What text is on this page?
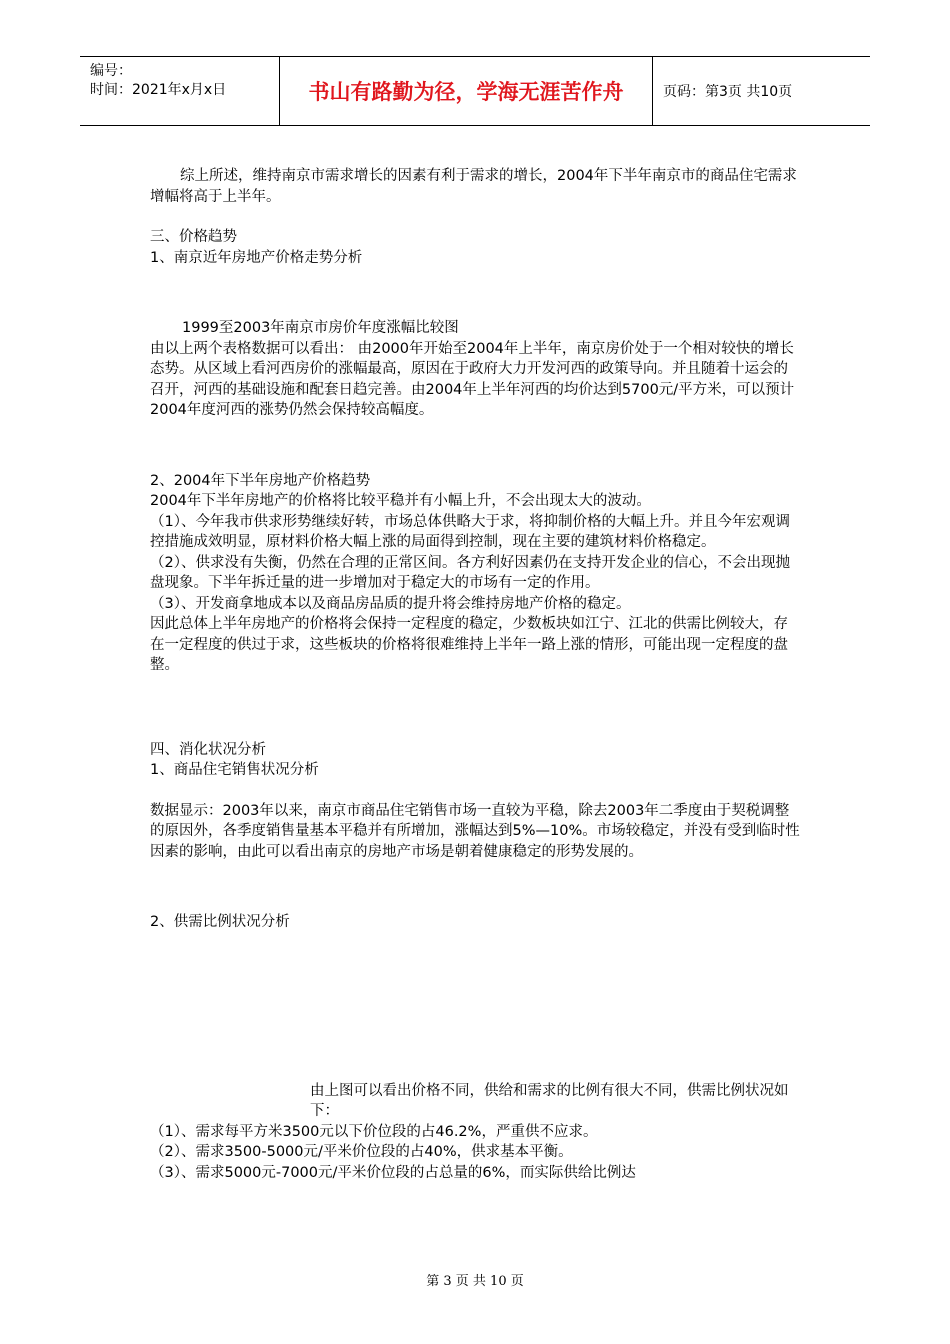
编号：
时间：2021年x月x日	书山有路勤为径，学海无涯苦作舟	页码：第3页 共10页

综上所述，维持南京市需求增长的因素有利于需求的增长，2004年下半年南京市的商品住宅需求增幅将高于上半年。

三、价格趋势

1、南京近年房地产价格走势分析

1999至2003年南京市房价年度涨幅比较图

由以上两个表格数据可以看出： 由2000年开始至2004年上半年，南京房价处于一个相对较快的增长态势。从区域上看河西房价的涨幅最高，原因在于政府大力开发河西的政策导向。并且随着十运会的召开，河西的基础设施和配套日趋完善。由2004年上半年河西的均价达到5700元/平方米，可以预计2004年度河西的涨势仍然会保持较高幅度。

2、2004年下半年房地产价格趋势

2004年下半年房地产的价格将比较平稳并有小幅上升，不会出现太大的波动。

（1）、今年我市供求形势继续好转，市场总体供略大于求，将抑制价格的大幅上升。并且今年宏观调控措施成效明显，原材料价格大幅上涨的局面得到控制，现在主要的建筑材料价格稳定。

（2）、供求没有失衡，仍然在合理的正常区间。各方利好因素仍在支持开发企业的信心，不会出现抛盘现象。下半年拆迁量的进一步增加对于稳定大的市场有一定的作用。

（3）、开发商拿地成本以及商品房品质的提升将会维持房地产价格的稳定。

因此总体上半年房地产的价格将会保持一定程度的稳定，少数板块如江宁、江北的供需比例较大，存在一定程度的供过于求，这些板块的价格将很难维持上半年一路上涨的情形，可能出现一定程度的盘整。

四、消化状况分析

1、商品住宅销售状况分析

数据显示：2003年以来，南京市商品住宅销售市场一直较为平稳，除去2003年二季度由于契税调整的原因外，各季度销售量基本平稳并有所增加，涨幅达到5%—10%。市场较稳定，并没有受到临时性因素的影响，由此可以看出南京的房地产市场是朝着健康稳定的形势发展的。

2、供需比例状况分析

由上图可以看出价格不同，供给和需求的比例有很大不同，供需比例状况如下：

（1）、需求每平方米3500元以下价位段的占46.2%，严重供不应求。

（2）、需求3500-5000元/平米价位段的占40%，供求基本平衡。

（3）、需求5000元-7000元/平米价位段的占总量的6%，而实际供给比例达

第 3 页 共 10 页
